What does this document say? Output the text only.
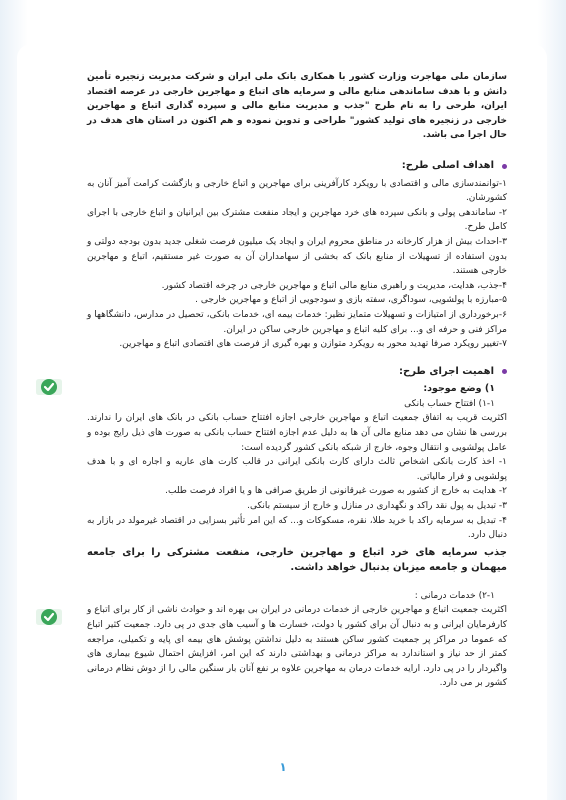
سازمان ملی مهاجرت وزارت کشور با همکاری بانک ملی ایران و شرکت مدیریت زنجیره تأمین دانش و با هدف ساماندهی منابع مالی و سرمایه های اتباع و مهاجرین خارجی در عرصه اقتصاد ایران، طرحی را به نام طرح "جذب و مدیریت منابع مالی و سپرده گذاری اتباع و مهاجرین خارجی در زنجیره های تولید کشور" طراحی و تدوین نموده و هم اکنون در استان های هدف در حال اجرا می باشد.

اهداف اصلی طرح:

۱-توانمندسازی مالی و اقتصادی با رویکرد کارآفرینی برای مهاجرین و اتباع خارجی و بازگشت کرامت آمیز آنان به کشورشان.

۲- ساماندهی پولی و بانکی سپرده های خرد مهاجرین و ایجاد منفعت مشترک بین ایرانیان و اتباع خارجی با اجرای کامل طرح.

۳-احداث بیش از هزار کارخانه در مناطق محروم ایران و ایجاد یک میلیون فرصت شغلی جدید بدون بودجه دولتی و بدون استفاده از تسهیلات از منابع بانک که بخشی از سهامداران آن به صورت غیر مستقیم، اتباع و مهاجرین خارجی هستند.

۴-جذب، هدایت، مدیریت و راهبری منابع مالی اتباع و مهاجرین خارجی در چرخه اقتصاد کشور.

۵-مبارزه با پولشویی، سوداگری، سفته بازی و سودجویی از اتباع و مهاجرین خارجی .

۶-برخورداری از امتیازات و تسهیلات متمایز نظیر: خدمات بیمه ای، خدمات بانکی، تحصیل در مدارس، دانشگاهها و مراکز فنی و حرفه ای و... برای کلیه اتباع و مهاجرین خارجی ساکن در ایران.

۷-تغییر رویکرد صرفا تهدید محور به رویکرد متوازن و بهره گیری از فرصت های اقتصادی اتباع و مهاجرین.

اهمیت اجرای طرح:

۱) وضع موجود:

۱-۱) افتتاح حساب بانکی

اکثریت قریب به اتفاق جمعیت اتباع و مهاجرین خارجی اجازه افتتاح حساب بانکی در بانک های ایران را ندارند. بررسی ها نشان می دهد منابع مالی آن ها به دلیل عدم اجازه افتتاح حساب بانکی به صورت های ذیل رایج بوده و عامل پولشویی و انتقال وجوه، خارج از شبکه بانکی کشور گردیده است:

۱- اخذ کارت بانکی اشخاص ثالث دارای کارت بانکی ایرانی در قالب کارت های عاریه و اجاره ای و با هدف پولشویی و فرار مالیاتی.

۲- هدایت به خارج از کشور به صورت غیرقانونی از طریق صرافی ها و یا افراد فرصت طلب.

۳- تبدیل به پول نقد راکد و نگهداری در منازل و خارج از سیستم بانکی.

۴- تبدیل به سرمایه راکد با خرید طلا، نقره، مسکوکات و... که این امر تأثیر بسزایی در اقتصاد غیرمولد در بازار به دنبال دارد.

جذب سرمایه های خرد اتباع و مهاجرین خارجی، منفعت مشترکی را برای جامعه میهمان و جامعه میزبان بدنبال خواهد داشت.

۲-۱) خدمات درمانی :

اکثریت جمعیت اتباع و مهاجرین خارجی از خدمات درمانی در ایران بی بهره اند و حوادث ناشی از کار برای اتباع و کارفرمایان ایرانی و به دنبال آن برای کشور یا دولت، خسارت ها و آسیب های جدی در پی دارد. جمعیت کثیر اتباع که عموما در مراکز پر جمعیت کشور ساکن هستند به دلیل نداشتن پوشش های بیمه ای پایه و تکمیلی، مراجعه کمتر از حد نیاز و استاندارد به مراکز درمانی و بهداشتی دارند که این امر، افزایش احتمال شیوع بیماری های واگیردار را در پی دارد. ارایه خدمات درمان به مهاجرین علاوه بر نفع آنان بار سنگین مالی را از دوش نظام درمانی کشور بر می دارد.

۱
